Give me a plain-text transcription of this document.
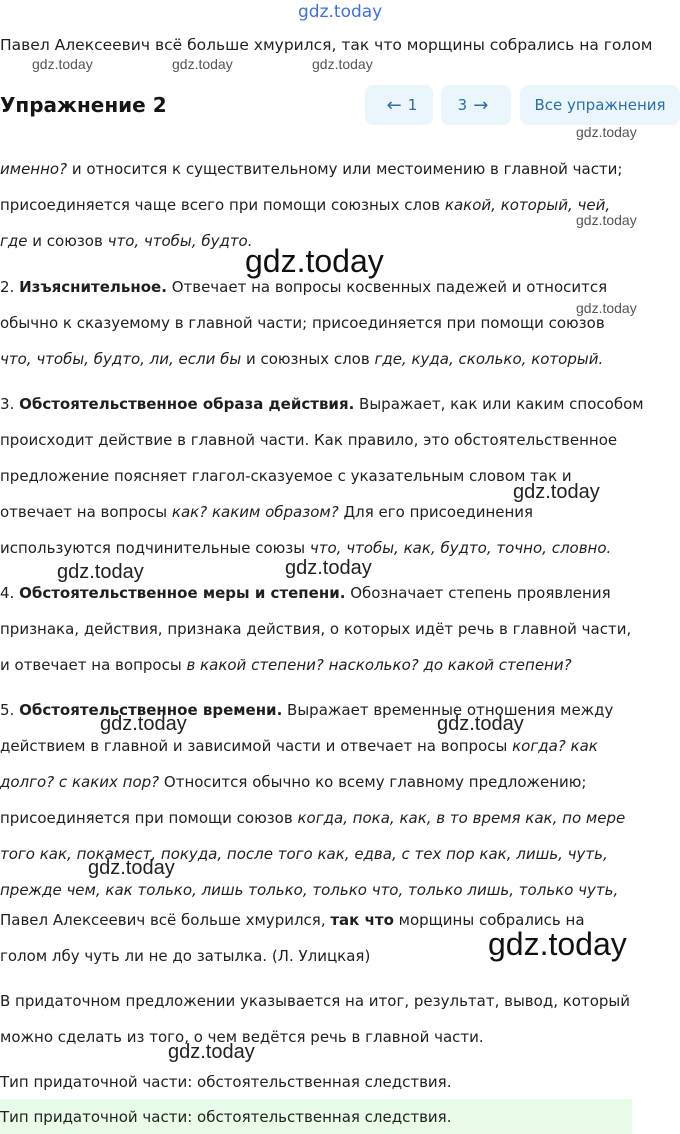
gdz.today
Павел Алексеевич всё больше хмурился, так что морщины собрались на голом
gdz.today	gdz.today	gdz.today
Упражнение 2	← 1	3 →	Все упражнения
gdz.today
именно? и относится к существительному или местоимению в главной части;
присоединяется чаще всего при помощи союзных слов какой, который, чей,
gdz.today
где и союзов что, чтобы, будто.
gdz.today
2. Изъяснительное. Отвечает на вопросы косвенных падежей и относится
gdz.today
обычно к сказуемому в главной части; присоединяется при помощи союзов
что, чтобы, будто, ли, если бы и союзных слов где, куда, сколько, который.
3. Обстоятельственное образа действия. Выражает, как или каким способом
происходит действие в главной части. Как правило, это обстоятельственное
предложение поясняет глагол-сказуемое с указательным словом так и
gdz.today
отвечает на вопросы как? каким образом? Для его присоединения
используются подчинительные союзы что, чтобы, как, будто, точно, словно.
gdz.today	gdz.today
4. Обстоятельственное меры и степени. Обозначает степень проявления
признака, действия, признака действия, о которых идёт речь в главной части,
и отвечает на вопросы в какой степени? насколько? до какой степени?
5. Обстоятельственное времени. Выражает временные отношения между
gdz.today	gdz.today
действием в главной и зависимой части и отвечает на вопросы когда? как
долго? с каких пор? Относится обычно ко всему главному предложению;
присоединяется при помощи союзов когда, пока, как, в то время как, по мере
того как, покамест, покуда, после того как, едва, с тех пор как, лишь, чуть,
gdz.today
прежде чем, как только, лишь только, только что, только лишь, только чуть,
Павел Алексеевич всё больше хмурился, так что морщины собрались на
gdz.today
голом лбу чуть ли не до затылка. (Л. Улицкая)
В придаточном предложении указывается на итог, результат, вывод, который
можно сделать из того, о чем ведётся речь в главной части.
gdz.today
Тип придаточной части: обстоятельственная следствия.
Тип придаточной части: обстоятельственная следствия.
